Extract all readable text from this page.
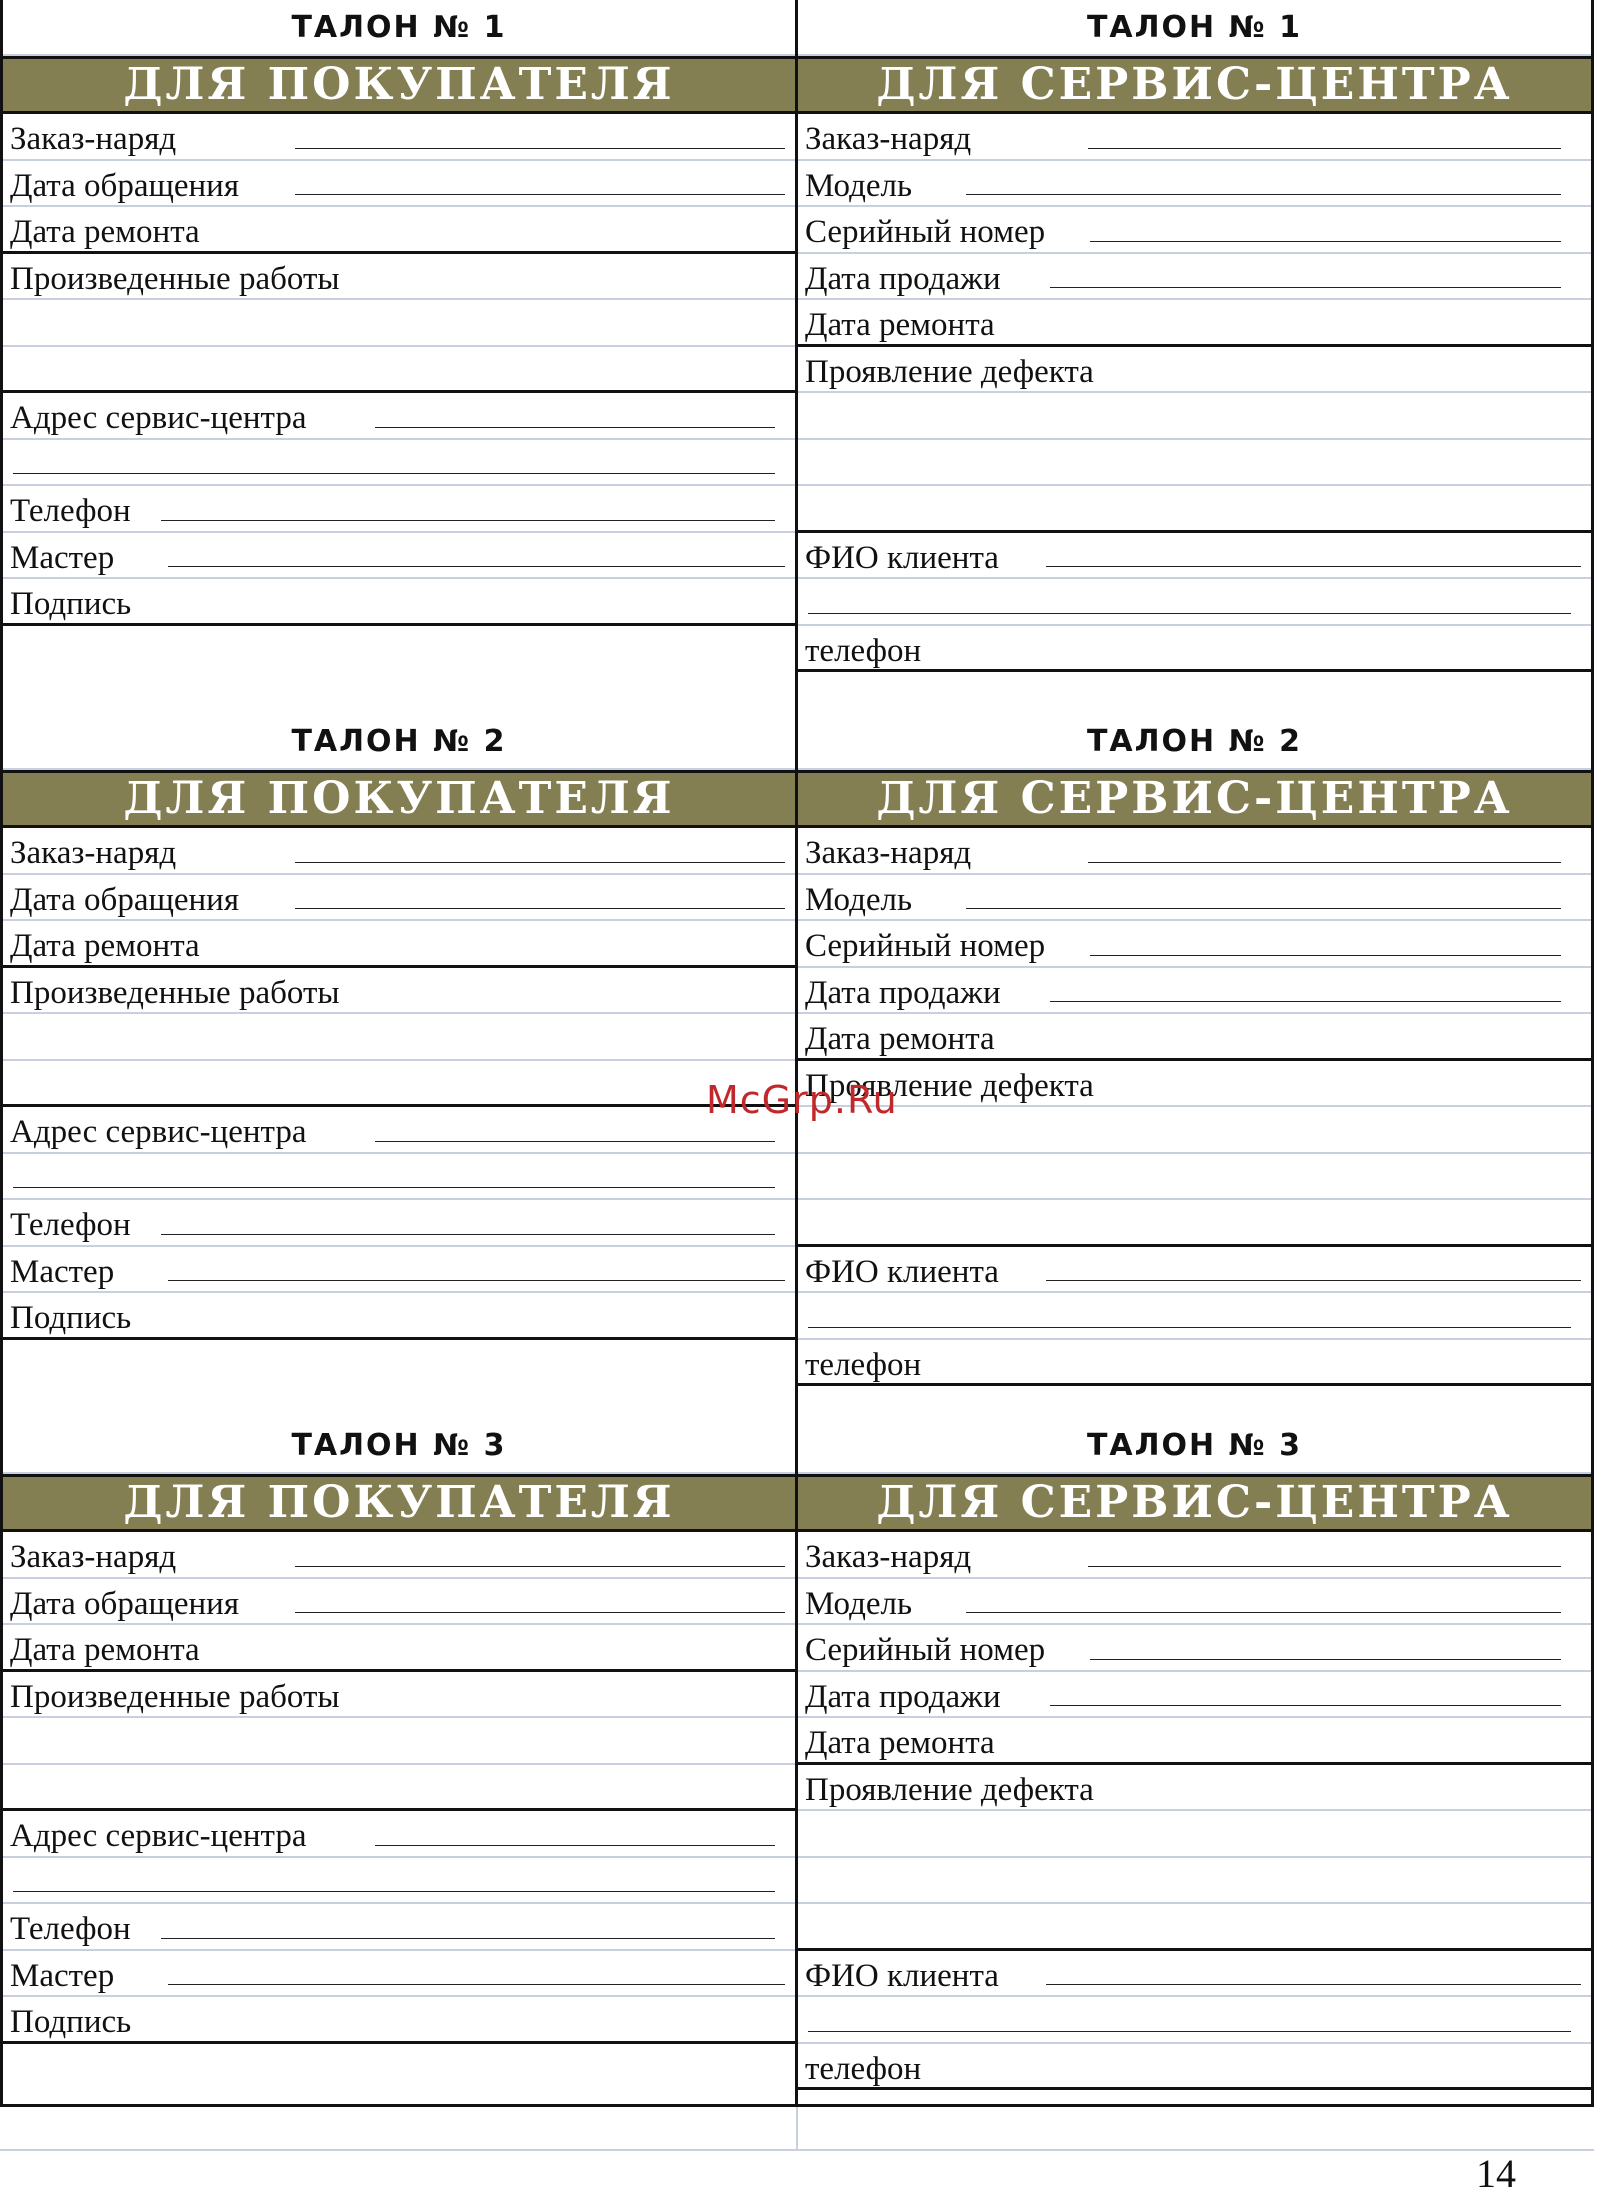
ТАЛОН № 1
ДЛЯ ПОКУПАТЕЛЯ
Заказ-наряд
Дата обращения
Дата ремонта
Произведенные работы
Адрес сервис-центра
Телефон
Мастер
Подпись
ТАЛОН № 2
ДЛЯ ПОКУПАТЕЛЯ
Заказ-наряд
Дата обращения
Дата ремонта
Произведенные работы
Адрес сервис-центра
Телефон
Мастер
Подпись
ТАЛОН № 3
ДЛЯ ПОКУПАТЕЛЯ
Заказ-наряд
Дата обращения
Дата ремонта
Произведенные работы
Адрес сервис-центра
Телефон
Мастер
Подпись
ТАЛОН № 1
ДЛЯ СЕРВИС-ЦЕНТРА
Заказ-наряд
Модель
Серийный номер
Дата продажи
Дата ремонта
Проявление дефекта
ФИО клиента
телефон
ТАЛОН № 2
ДЛЯ СЕРВИС-ЦЕНТРА
Заказ-наряд
Модель
Серийный номер
Дата продажи
Дата ремонта
Проявление дефекта
ФИО клиента
телефон
ТАЛОН № 3
ДЛЯ СЕРВИС-ЦЕНТРА
Заказ-наряд
Модель
Серийный номер
Дата продажи
Дата ремонта
Проявление дефекта
ФИО клиента
телефон
McGrp.Ru
14
